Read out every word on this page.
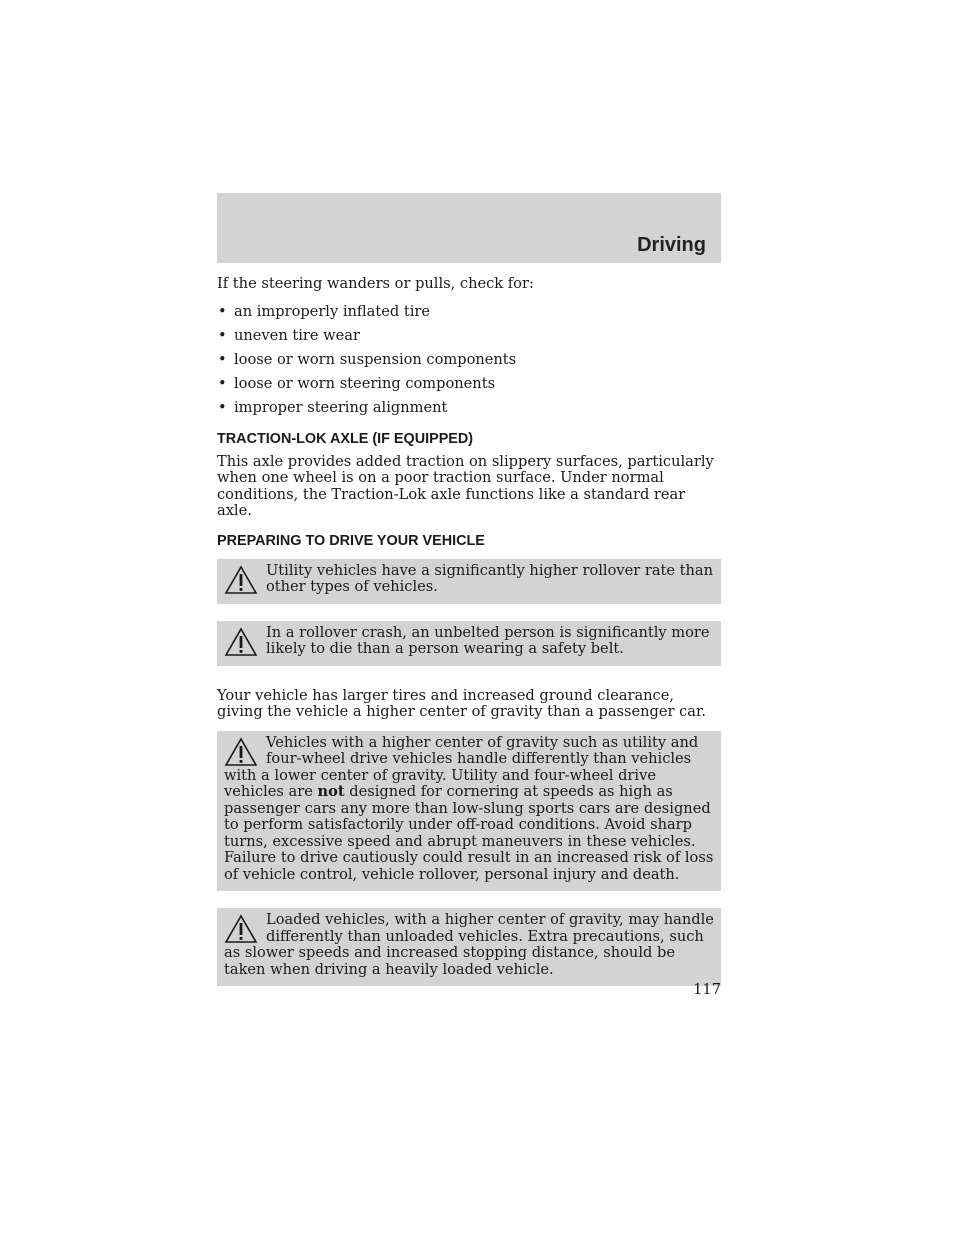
Driving

If the steering wanders or pulls, check for:

• an improperly inflated tire
• uneven tire wear
• loose or worn suspension components
• loose or worn steering components
• improper steering alignment
TRACTION-LOK AXLE (IF EQUIPPED)

This axle provides added traction on slippery surfaces, particularly when one wheel is on a poor traction surface. Under normal conditions, the Traction-Lok axle functions like a standard rear axle.

PREPARING TO DRIVE YOUR VEHICLE

Utility vehicles have a significantly higher rollover rate than other types of vehicles.

In a rollover crash, an unbelted person is significantly more likely to die than a person wearing a safety belt.

Your vehicle has larger tires and increased ground clearance, giving the vehicle a higher center of gravity than a passenger car.

Vehicles with a higher center of gravity such as utility and four-wheel drive vehicles handle differently than vehicles with a lower center of gravity. Utility and four-wheel drive vehicles are not designed for cornering at speeds as high as passenger cars any more than low-slung sports cars are designed to perform satisfactorily under off-road conditions. Avoid sharp turns, excessive speed and abrupt maneuvers in these vehicles. Failure to drive cautiously could result in an increased risk of loss of vehicle control, vehicle rollover, personal injury and death.

Loaded vehicles, with a higher center of gravity, may handle differently than unloaded vehicles. Extra precautions, such as slower speeds and increased stopping distance, should be taken when driving a heavily loaded vehicle.

117
